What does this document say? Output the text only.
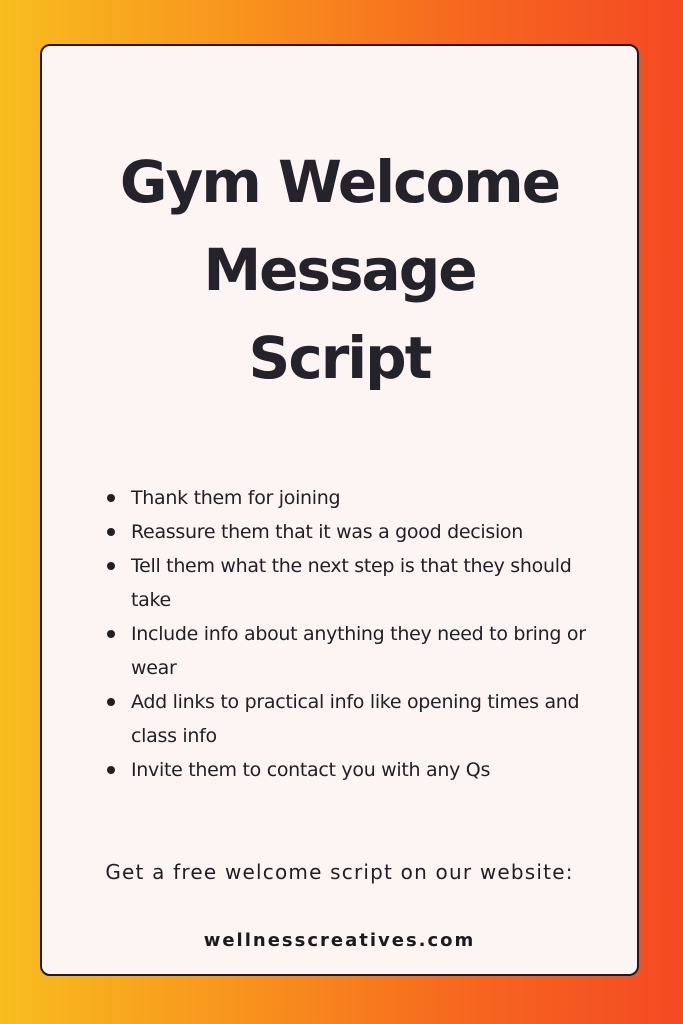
Gym Welcome
Message
Script
Thank them for joining
Reassure them that it was a good decision
Tell them what the next step is that they should take
Include info about anything they need to bring or wear
Add links to practical info like opening times and class info
Invite them to contact you with any Qs
Get a free welcome script on our website:
wellnesscreatives.com
